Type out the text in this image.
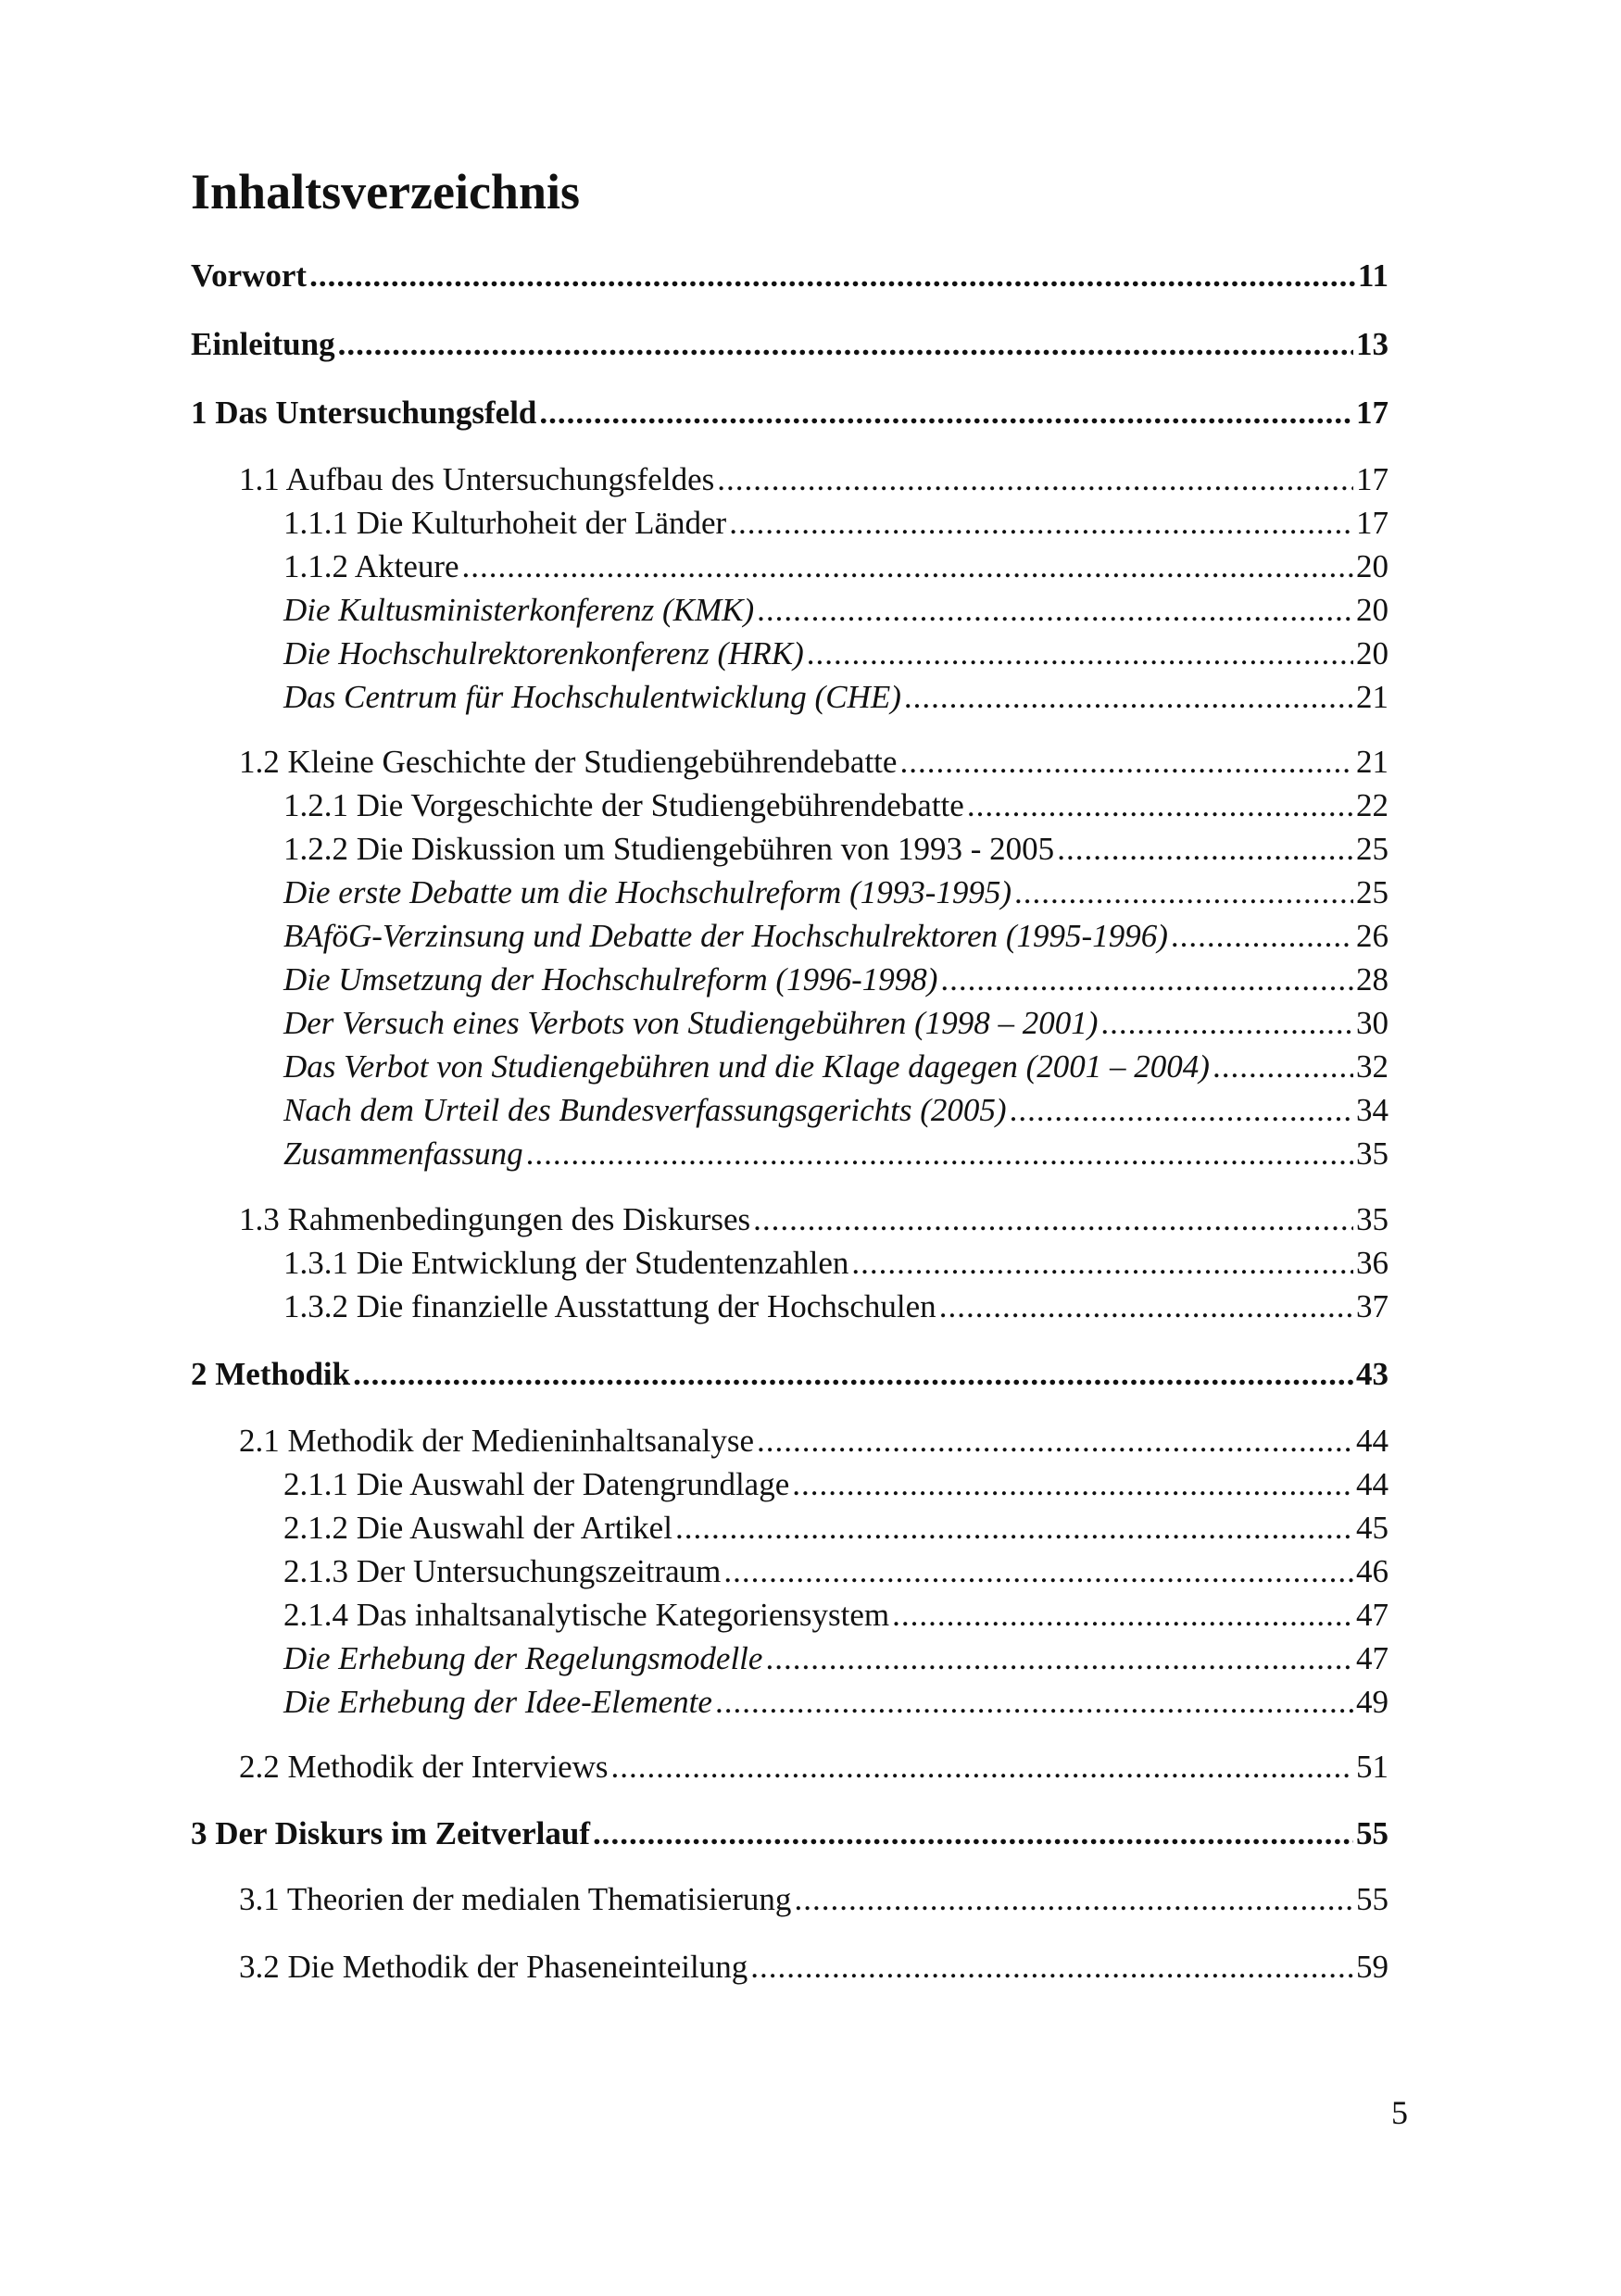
Inhaltsverzeichnis
Vorwort .....	11
Einleitung .....	13
1 Das Untersuchungsfeld .....	17
1.1 Aufbau des Untersuchungsfeldes .....	17
1.1.1 Die Kulturhoheit der Länder .....	17
1.1.2 Akteure .....	20
Die Kultusministerkonferenz (KMK) .....	20
Die Hochschulrektorenkonferenz (HRK) .....	20
Das Centrum für Hochschulentwicklung (CHE) .....	21
1.2 Kleine Geschichte der Studiengebührendebatte .....	21
1.2.1 Die Vorgeschichte der Studiengebührendebatte .....	22
1.2.2 Die Diskussion um Studiengebühren von 1993 - 2005 .....	25
Die erste Debatte um die Hochschulreform (1993-1995) .....	25
BAföG-Verzinsung und Debatte der Hochschulrektoren (1995-1996) .....	26
Die Umsetzung der Hochschulreform (1996-1998) .....	28
Der Versuch eines Verbots von Studiengebühren (1998 – 2001) .....	30
Das Verbot von Studiengebühren und die Klage dagegen (2001 – 2004) .....	32
Nach dem Urteil des Bundesverfassungsgerichts (2005) .....	34
Zusammenfassung .....	35
1.3 Rahmenbedingungen des Diskurses .....	35
1.3.1 Die Entwicklung der Studentenzahlen .....	36
1.3.2 Die finanzielle Ausstattung der Hochschulen .....	37
2 Methodik .....	43
2.1 Methodik der Medieninhaltsanalyse .....	44
2.1.1 Die Auswahl der Datengrundlage .....	44
2.1.2 Die Auswahl der Artikel .....	45
2.1.3 Der Untersuchungszeitraum .....	46
2.1.4 Das inhaltsanalytische Kategoriensystem .....	47
Die Erhebung der Regelungsmodelle .....	47
Die Erhebung der Idee-Elemente .....	49
2.2 Methodik der Interviews .....	51
3 Der Diskurs im Zeitverlauf .....	55
3.1 Theorien der medialen Thematisierung .....	55
3.2 Die Methodik der Phaseneinteilung .....	59
5
